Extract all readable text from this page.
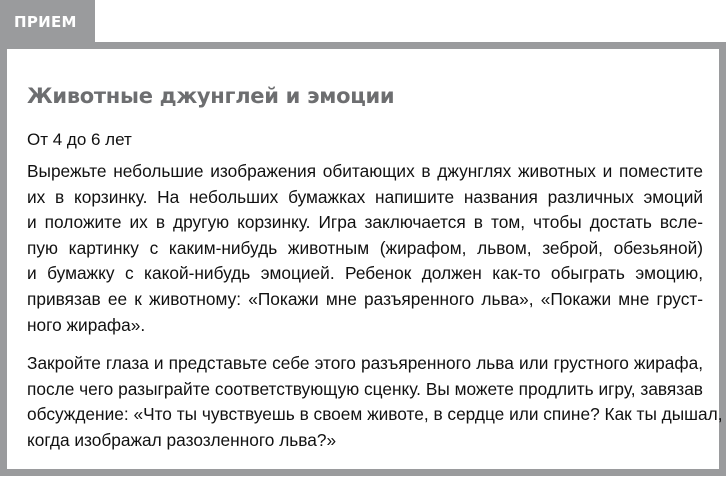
ПРИЕМ
Животные джунглей и эмоции
От 4 до 6 лет
Вырежьте небольшие изображения обитающих в джунглях животных и поместите
их в корзинку. На небольших бумажках напишите названия различных эмоций
и положите их в другую корзинку. Игра заключается в том, чтобы достать всле-
пую картинку с каким-нибудь животным (жирафом, львом, зеброй, обезьяной)
и бумажку с какой-нибудь эмоцией. Ребенок должен как-то обыграть эмоцию,
привязав ее к животному: «Покажи мне разъяренного льва», «Покажи мне груст-
ного жирафа».
Закройте глаза и представьте себе этого разъяренного льва или грустного жирафа,
после чего разыграйте соответствующую сценку. Вы можете продлить игру, завязав
обсуждение: «Что ты чувствуешь в своем животе, в сердце или спине? Как ты дышал,
когда изображал разозленного льва?»
